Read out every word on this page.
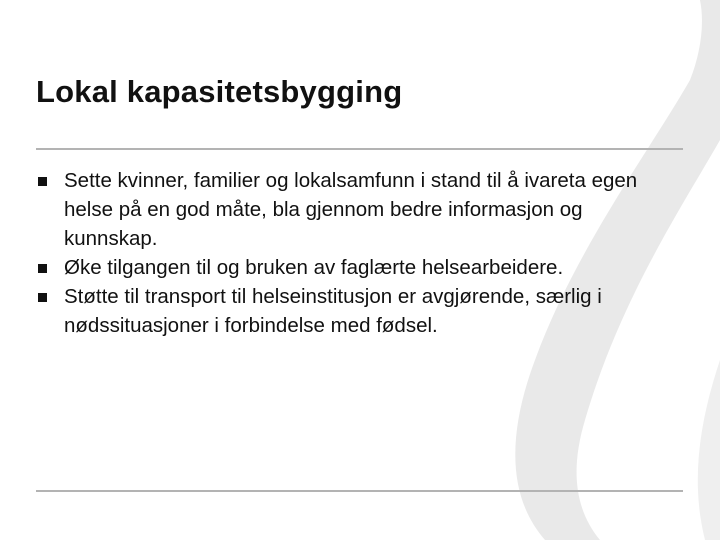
Lokal kapasitetsbygging
Sette kvinner, familier og lokalsamfunn i stand til å ivareta egen helse på en god måte, bla gjennom bedre informasjon og kunnskap.
Øke tilgangen til og bruken av faglærte helsearbeidere.
Støtte til transport til helseinstitusjon er avgjørende, særlig i nødssituasjoner i forbindelse med fødsel.
